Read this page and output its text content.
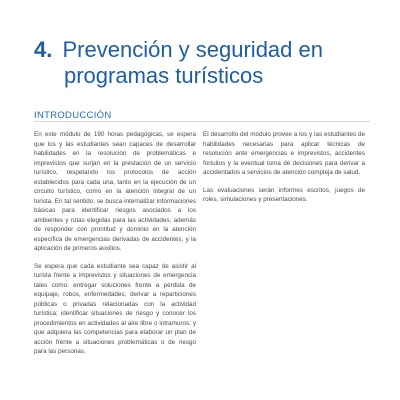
4. Prevención y seguridad en
programas turísticos
INTRODUCCIÓN

En este módulo de 190 horas pedagógicas, se espera que los y las estudiantes sean capaces de desarrollar habilidades en la resolución de problemáticas e imprevistos que surjan en la prestación de un servicio turístico, respetando los protocolos de acción establecidos para cada una, tanto en la ejecución de un circuito turístico, como en la atención integral de un turista. En tal sentido, se busca internalizar informaciones básicas para identificar riesgos asociados a los ambientes y rutas elegidas para las actividades, además de responder con prontitud y dominio en la atención específica de emergencias derivadas de accidentes, y la aplicación de primeros auxilios.

Se espera que cada estudiante sea capaz de asistir al turista frente a imprevistos y situaciones de emergencia tales como: entregar soluciones frente a pérdida de equipaje, robos, enfermedades; derivar a reparticiones públicas o privadas relacionadas con la actividad turística; identificar situaciones de riesgo y conocer los procedimientos en actividades al aire libre o intramuros; y que adquiera las competencias para elaborar un plan de acción frente a situaciones problemáticas o de riesgo para las personas.

El desarrollo del módulo provee a los y las estudiantes de habilidades necesarias para aplicar técnicas de resolución ante emergencias e imprevistos, accidentes fortuitos y la eventual toma de decisiones para derivar a accidentados a servicios de atención compleja de salud.

Las evaluaciones serán informes escritos, juegos de roles, simulaciones y presentaciones.
